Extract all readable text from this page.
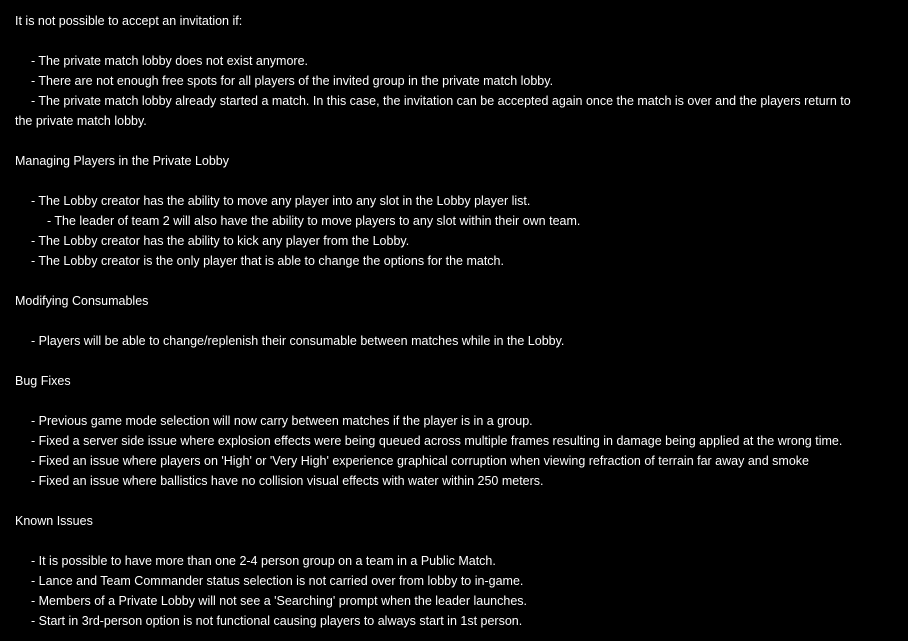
It is not possible to accept an invitation if:

- The private match lobby does not exist anymore.

- There are not enough free spots for all players of the invited group in the private match lobby.

- The private match lobby already started a match. In this case, the invitation can be accepted again once the match is over and the players return to

the private match lobby.

Managing Players in the Private Lobby

- The Lobby creator has the ability to move any player into any slot in the Lobby player list.

- The leader of team 2 will also have the ability to move players to any slot within their own team.

- The Lobby creator has the ability to kick any player from the Lobby.

- The Lobby creator is the only player that is able to change the options for the match.

Modifying Consumables

- Players will be able to change/replenish their consumable between matches while in the Lobby.

Bug Fixes

- Previous game mode selection will now carry between matches if the player is in a group.

- Fixed a server side issue where explosion effects were being queued across multiple frames resulting in damage being applied at the wrong time.

- Fixed an issue where players on 'High' or 'Very High' experience graphical corruption when viewing refraction of terrain far away and smoke

- Fixed an issue where ballistics have no collision visual effects with water within 250 meters.

Known Issues

- It is possible to have more than one 2-4 person group on a team in a Public Match.

- Lance and Team Commander status selection is not carried over from lobby to in-game.

- Members of a Private Lobby will not see a 'Searching' prompt when the leader launches.

- Start in 3rd-person option is not functional causing players to always start in 1st person.
